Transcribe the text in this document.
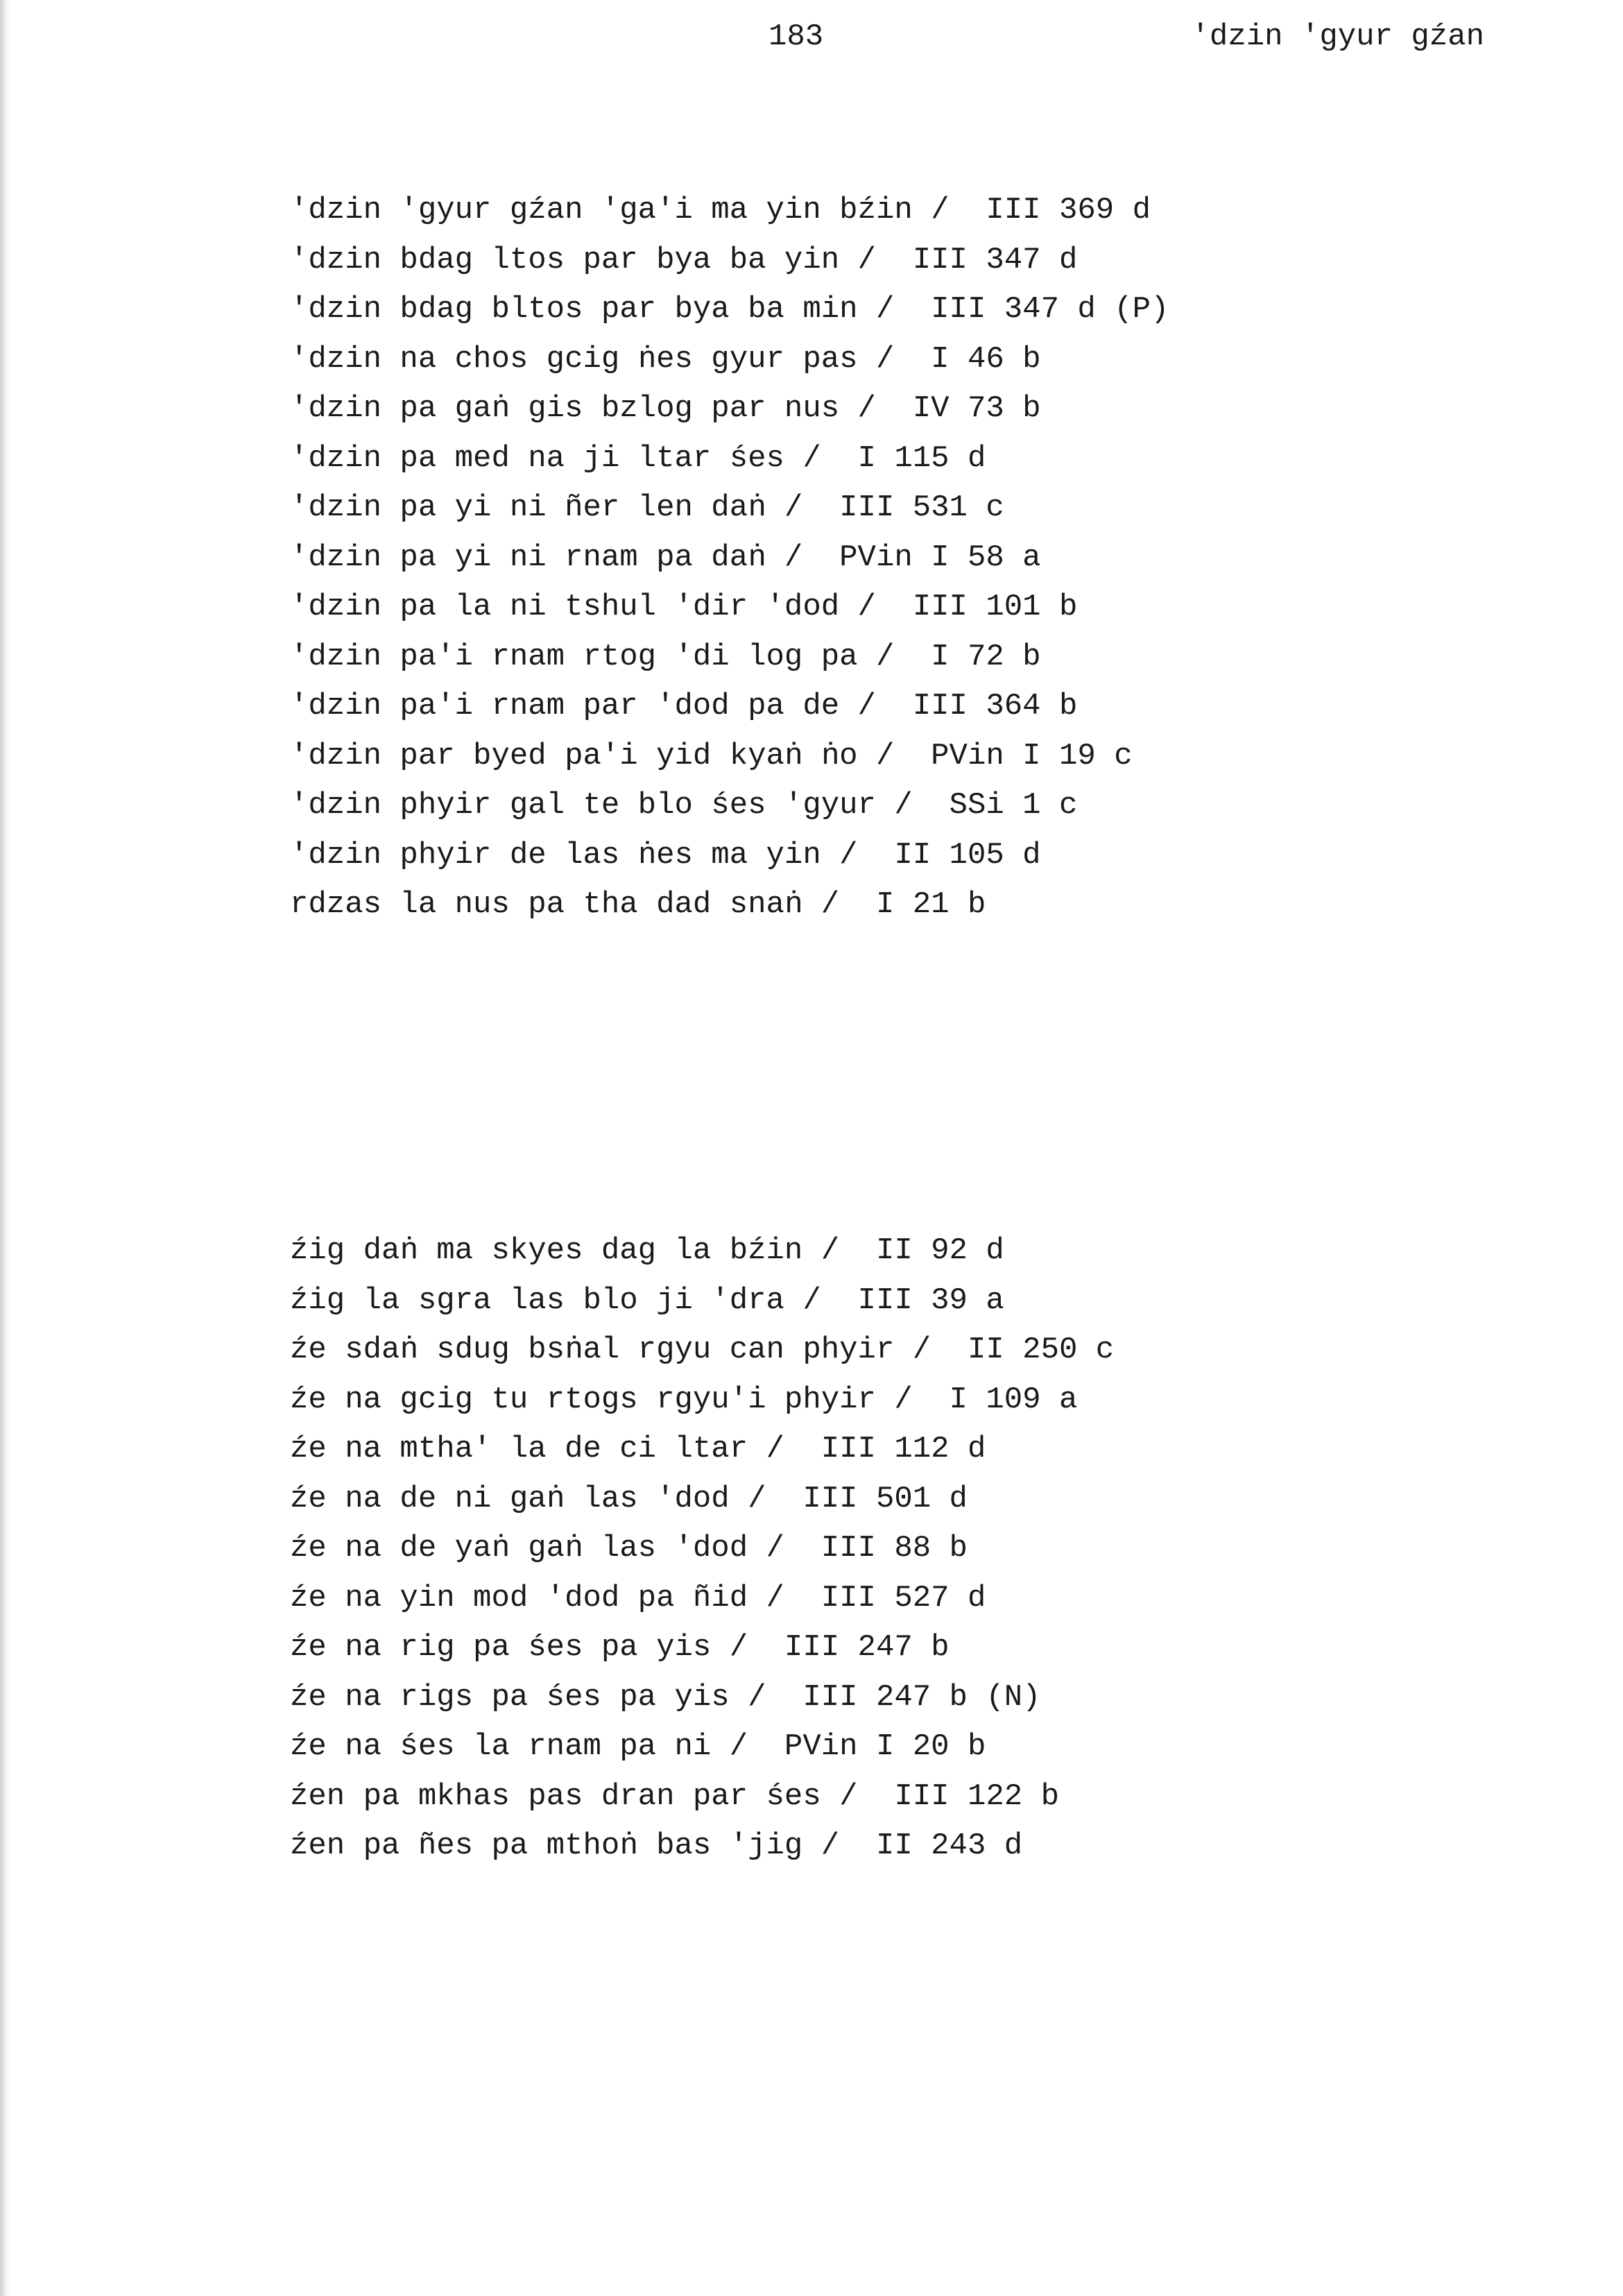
183	'dzin 'gyur gźan
'dzin 'gyur gźan 'ga'i ma yin bźin /  III 369 d
'dzin bdag ltos par bya ba yin /  III 347 d
'dzin bdag bltos par bya ba min /  III 347 d (P)
'dzin na chos gcig ṅes gyur pas /  I 46 b
'dzin pa gaṅ gis bzlog par nus /  IV 73 b
'dzin pa med na ji ltar śes /  I 115 d
'dzin pa yi ni ñer len daṅ /  III 531 c
'dzin pa yi ni rnam pa daṅ /  PVin I 58 a
'dzin pa la ni tshul 'dir 'dod /  III 101 b
'dzin pa'i rnam rtog 'di log pa /  I 72 b
'dzin pa'i rnam par 'dod pa de /  III 364 b
'dzin par byed pa'i yid kyaṅ ṅo /  PVin I 19 c
'dzin phyir gal te blo śes 'gyur /  SSi 1 c
'dzin phyir de las ṅes ma yin /  II 105 d
rdzas la nus pa tha dad snaṅ /  I 21 b
źig daṅ ma skyes dag la bźin /  II 92 d
źig la sgra las blo ji 'dra /  III 39 a
źe sdaṅ sdug bsṅal rgyu can phyir /  II 250 c
źe na gcig tu rtogs rgyu'i phyir /  I 109 a
źe na mtha' la de ci ltar /  III 112 d
źe na de ni gaṅ las 'dod /  III 501 d
źe na de yaṅ gaṅ las 'dod /  III 88 b
źe na yin mod 'dod pa ñid /  III 527 d
źe na rig pa śes pa yis /  III 247 b
źe na rigs pa śes pa yis /  III 247 b (N)
źe na śes la rnam pa ni /  PVin I 20 b
źen pa mkhas pas dran par śes /  III 122 b
źen pa ñes pa mthoṅ bas 'jig /  II 243 d
